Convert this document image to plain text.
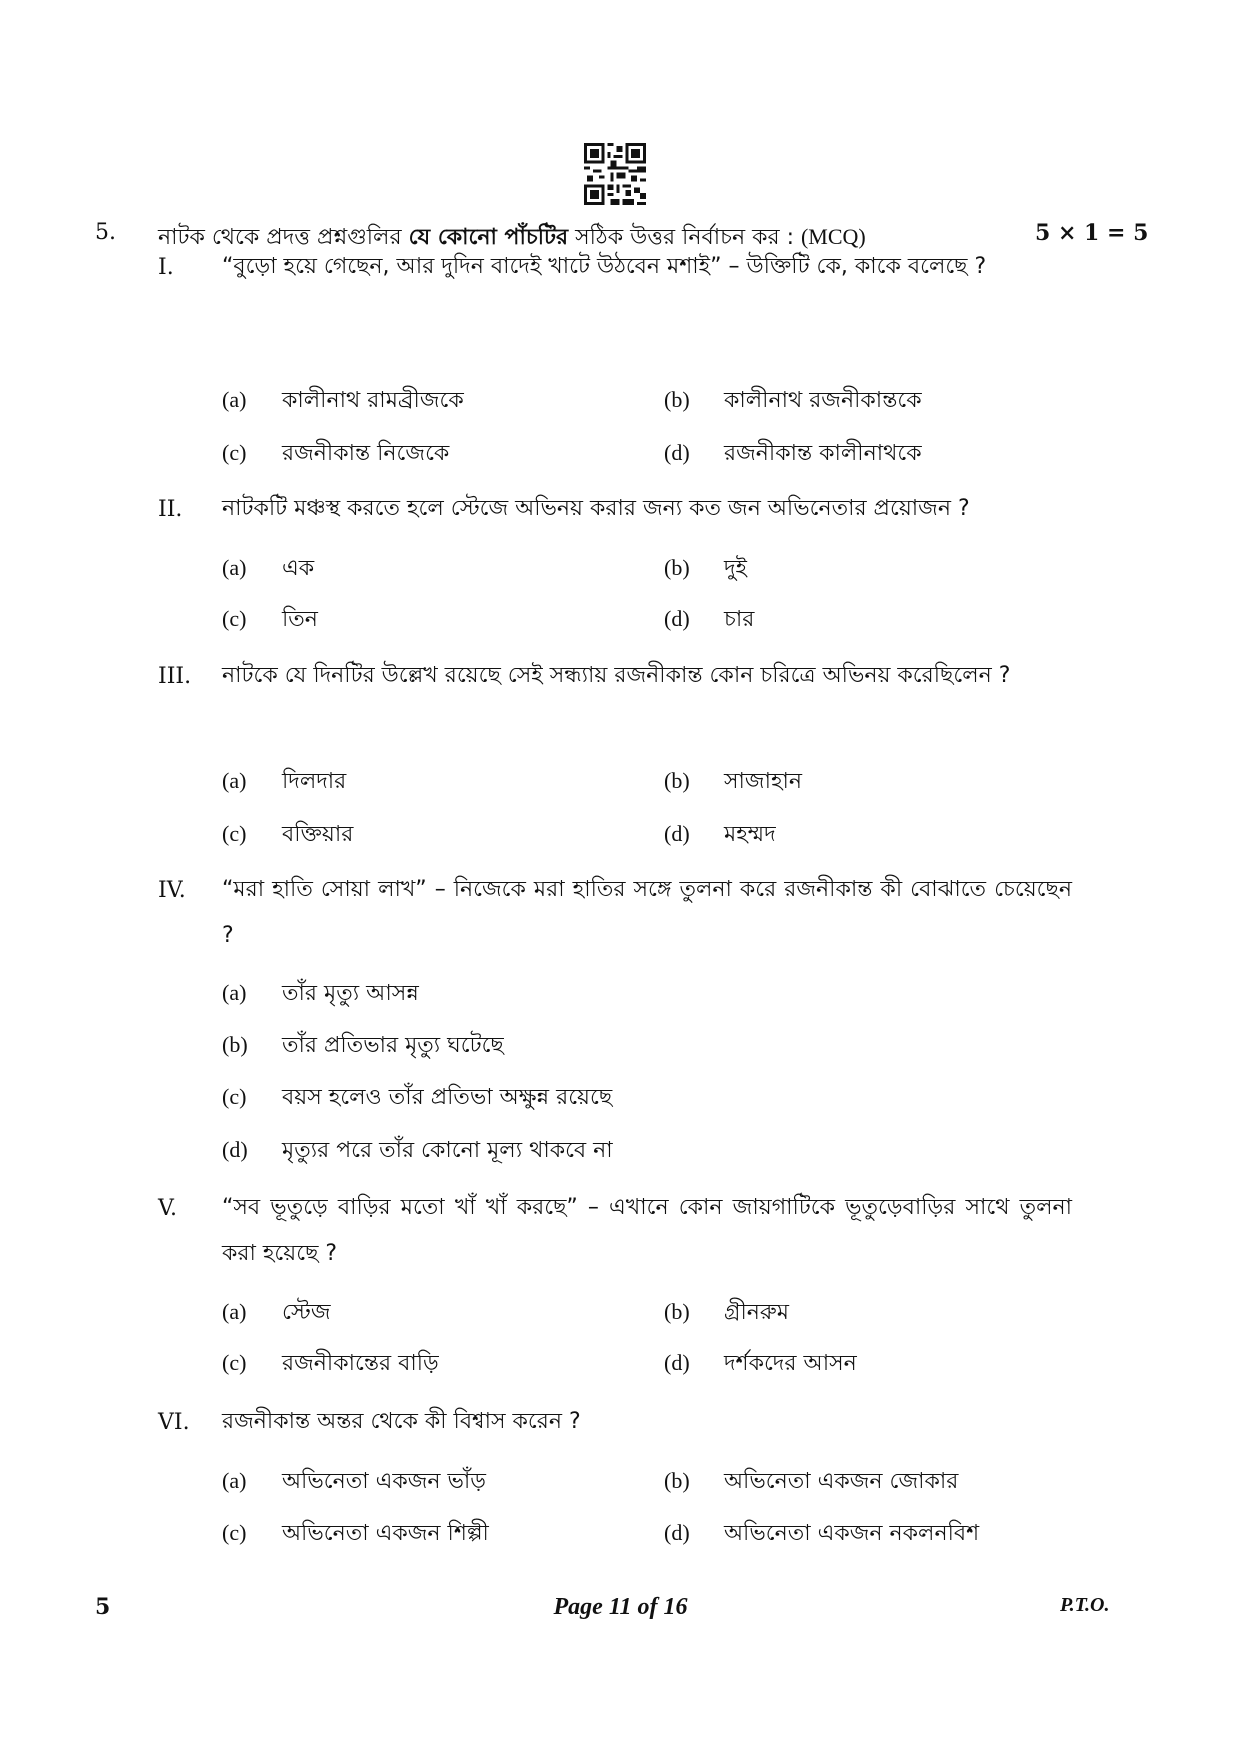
5. নাটক থেকে প্রদত্ত প্রশ্নগুলির যে কোনো পাঁচটির সঠিক উত্তর নির্বাচন কর : (MCQ)	5 × 1 = 5
I. “বুড়ো হয়ে গেছেন, আর দুদিন বাদেই খাটে উঠবেন মশাই” – উক্তিটি কে, কাকে বলেছে ?
(a) কালীনাথ রামব্রীজকে	(b) কালীনাথ রজনীকান্তকে
(c) রজনীকান্ত নিজেকে	(d) রজনীকান্ত কালীনাথকে
II. নাটকটি মঞ্চস্থ করতে হলে স্টেজে অভিনয় করার জন্য কত জন অভিনেতার প্রয়োজন ?
(a) এক	(b) দুই
(c) তিন	(d) চার
III. নাটকে যে দিনটির উল্লেখ রয়েছে সেই সন্ধ্যায় রজনীকান্ত কোন চরিত্রে অভিনয় করেছিলেন ?
(a) দিলদার	(b) সাজাহান
(c) বক্তিয়ার	(d) মহম্মদ
IV. “মরা হাতি সোয়া লাখ” – নিজেকে মরা হাতির সঙ্গে তুলনা করে রজনীকান্ত কী বোঝাতে চেয়েছেন ?
(a) তাঁর মৃত্যু আসন্ন
(b) তাঁর প্রতিভার মৃত্যু ঘটেছে
(c) বয়স হলেও তাঁর প্রতিভা অক্ষুন্ন রয়েছে
(d) মৃত্যুর পরে তাঁর কোনো মূল্য থাকবে না
V. “সব ভূতুড়ে বাড়ির মতো খাঁ খাঁ করছে” – এখানে কোন জায়গাটিকে ভূতুড়েবাড়ির সাথে তুলনা করা হয়েছে ?
(a) স্টেজ	(b) গ্রীনরুম
(c) রজনীকান্তের বাড়ি	(d) দর্শকদের আসন
VI. রজনীকান্ত অন্তর থেকে কী বিশ্বাস করেন ?
(a) অভিনেতা একজন ভাঁড়	(b) অভিনেতা একজন জোকার
(c) অভিনেতা একজন শিল্পী	(d) অভিনেতা একজন নকলনবিশ
5	Page 11 of 16	P.T.O.
